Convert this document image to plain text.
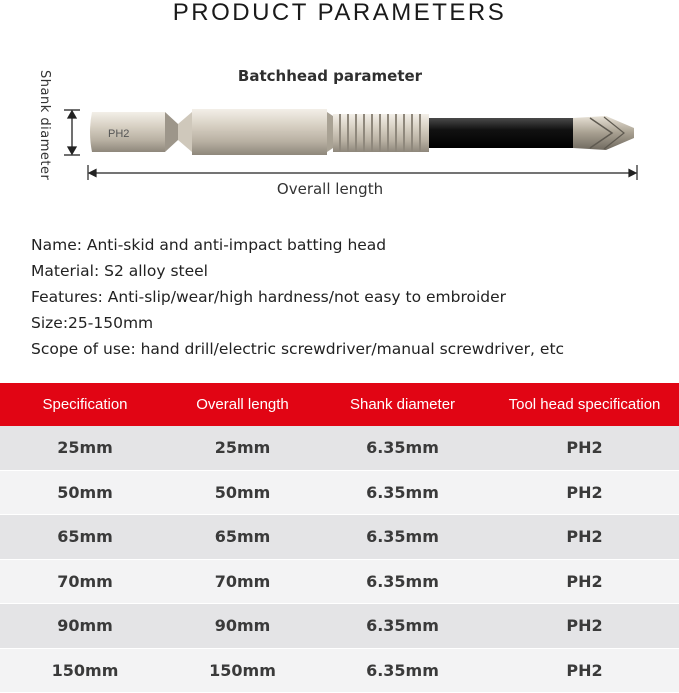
PRODUCT PARAMETERS
Batchhead parameter
Shank diameter	PH2
Overall length
Name: Anti-skid and anti-impact batting head
Material: S2 alloy steel
Features: Anti-slip/wear/high hardness/not easy to embroider
Size:25-150mm
Scope of use: hand drill/electric screwdriver/manual screwdriver, etc
Specification	Overall length	Shank diameter	Tool head specification
25mm	25mm	6.35mm	PH2
50mm	50mm	6.35mm	PH2
65mm	65mm	6.35mm	PH2
70mm	70mm	6.35mm	PH2
90mm	90mm	6.35mm	PH2
150mm	150mm	6.35mm	PH2
